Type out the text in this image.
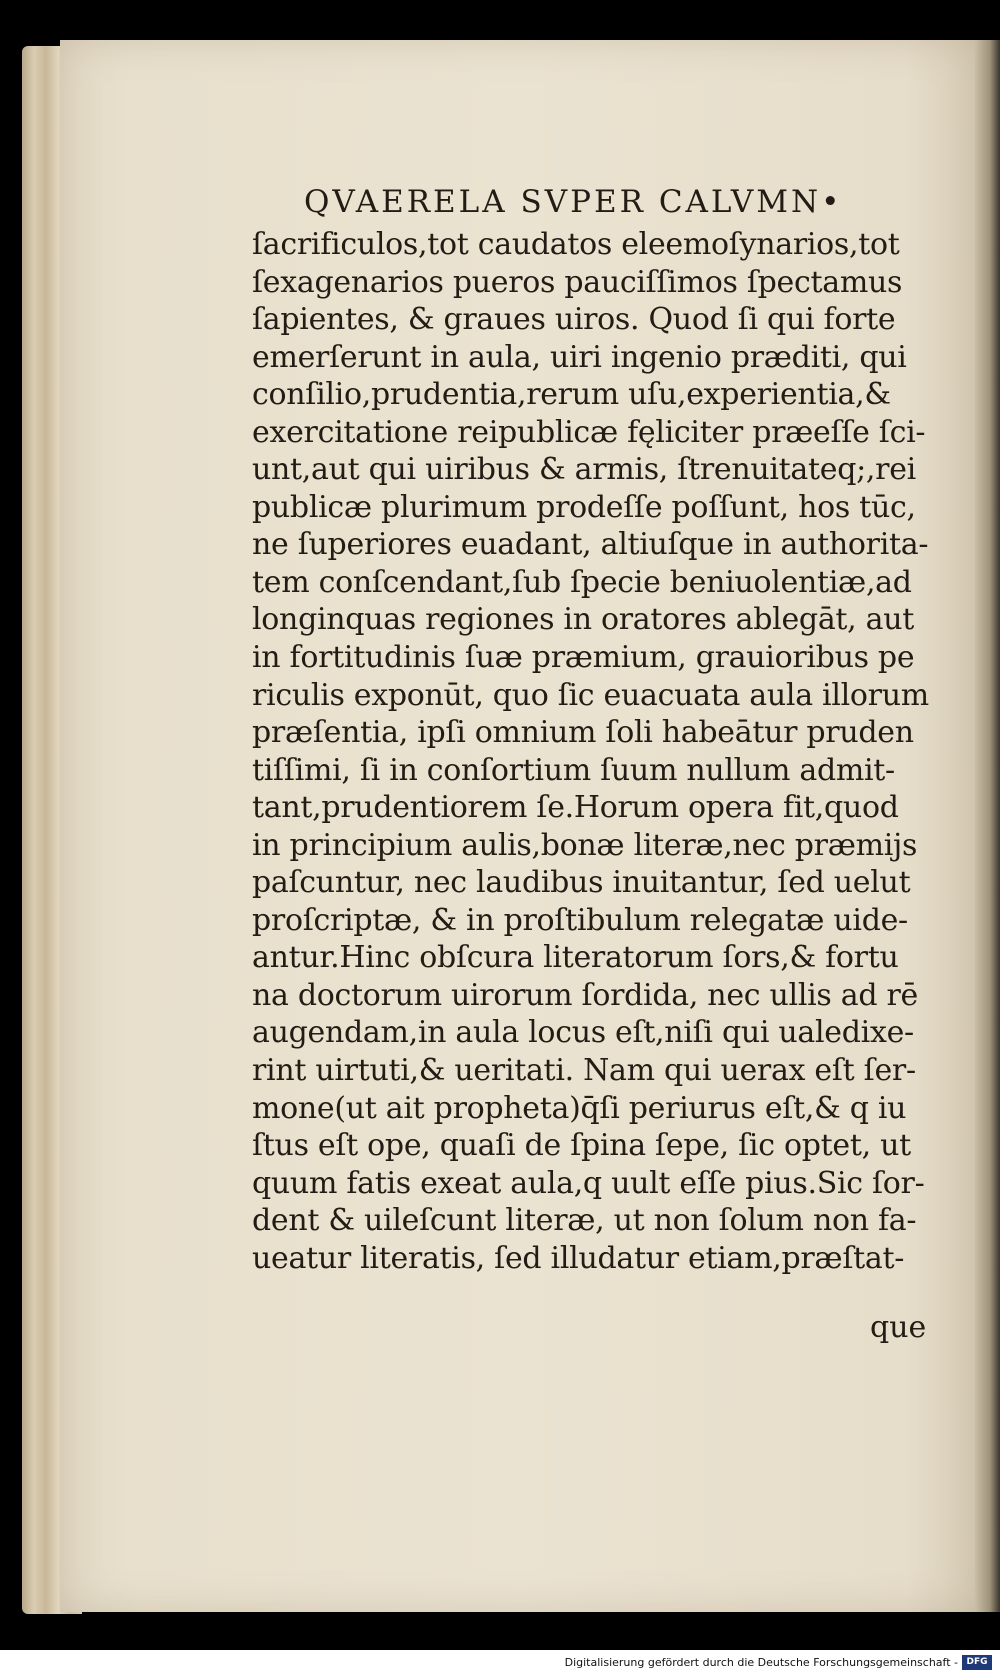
QVAERELA SVPER CALVMN•
ſacrificulos,tot caudatos eleemoſynarios,tot
ſexagenarios pueros pauciſſimos ſpectamus
ſapientes, & graues uiros. Quod ſi qui forte
emerſerunt in aula, uiri ingenio præditi, qui
conſilio,prudentia,rerum uſu,experientia,&
exercitatione reipublicæ fęliciter præeſſe ſci-
unt,aut qui uiribus & armis, ſtrenuitateq;,rei
publicæ plurimum prodeſſe poſſunt, hos tūc,
ne ſuperiores euadant, altiuſque in authorita-
tem conſcendant,ſub ſpecie beniuolentiæ,ad
longinquas regiones in oratores ablegāt, aut
in fortitudinis ſuæ præmium, grauioribus pe
riculis exponūt, quo ſic euacuata aula illorum
præſentia, ipſi omnium ſoli habeātur pruden
tiſſimi, ſi in conſortium ſuum nullum admit-
tant,prudentiorem ſe.Horum opera fit,quod
in principium aulis,bonæ literæ,nec præmijs
paſcuntur, nec laudibus inuitantur, ſed uelut
proſcriptæ, & in proſtibulum relegatæ uide-
antur.Hinc obſcura literatorum ſors,& fortu
na doctorum uirorum ſordida, nec ullis ad rē
augendam,in aula locus eſt,niſi qui ualedixe-
rint uirtuti,& ueritati. Nam qui uerax eſt ſer-
mone(ut ait propheta)q̄ſi periurus eſt,& q iu
ſtus eſt ope, quaſi de ſpina ſepe, ſic optet, ut
quum fatis exeat aula,q uult eſſe pius.Sic ſor-
dent & uileſcunt literæ, ut non ſolum non fa-
ueatur literatis, ſed illudatur etiam,præſtat-
que
Digitalisierung gefördert durch die Deutsche Forschungsgemeinschaft - DFG
